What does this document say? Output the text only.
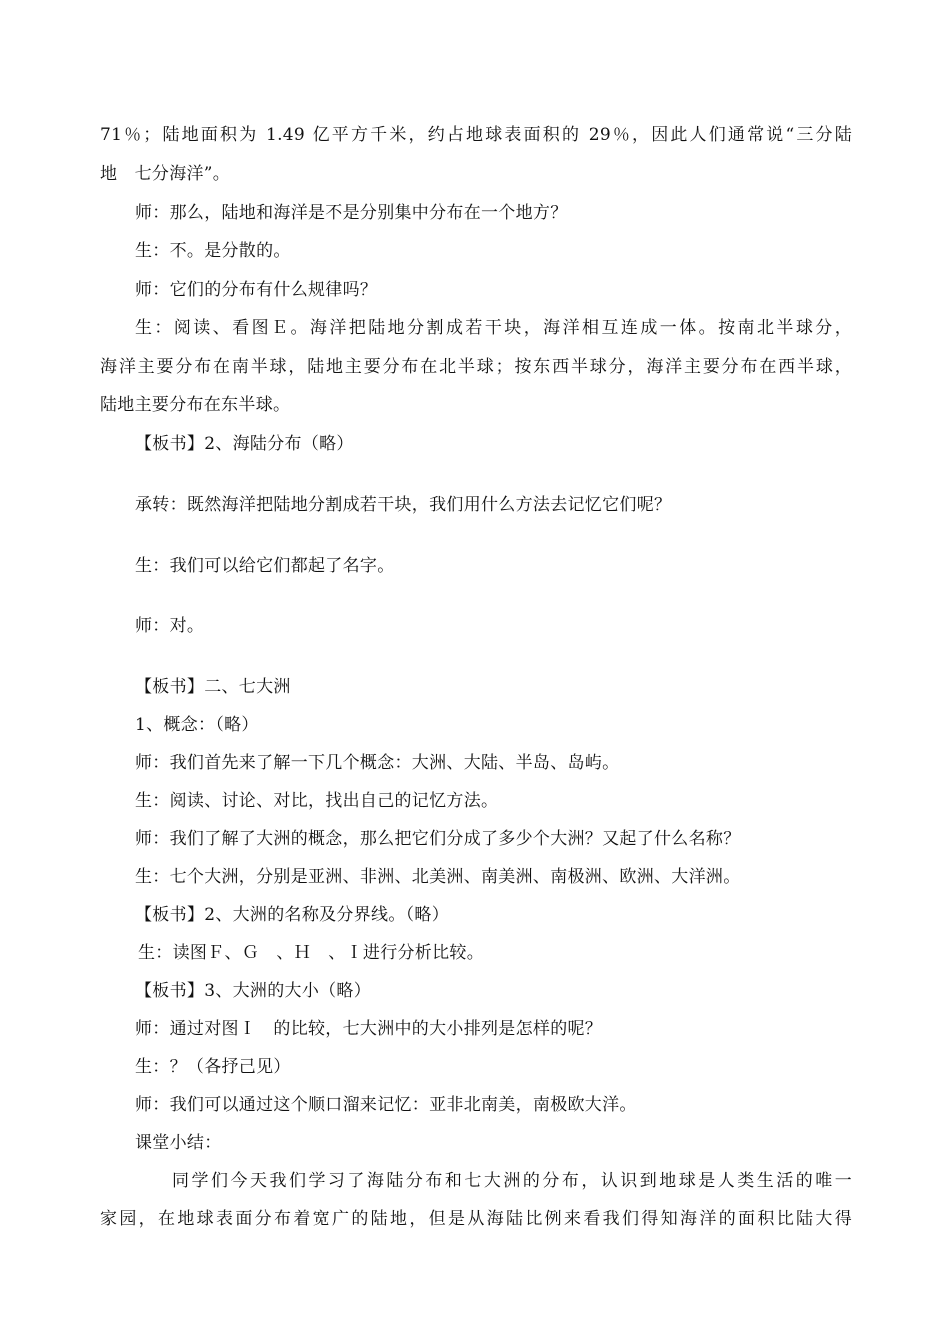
71％；陆地面积为 1.49 亿平方千米，约占地球表面积的 29％，因此人们通常说“三分陆
地　七分海洋”。
师：那么，陆地和海洋是不是分别集中分布在一个地方？
生：不。是分散的。
师：它们的分布有什么规律吗？
生：阅读、看图Ｅ。海洋把陆地分割成若干块，海洋相互连成一体。按南北半球分，
海洋主要分布在南半球，陆地主要分布在北半球；按东西半球分，海洋主要分布在西半球，
陆地主要分布在东半球。
【板书】2、海陆分布（略）
承转：既然海洋把陆地分割成若干块，我们用什么方法去记忆它们呢？
生：我们可以给它们都起了名字。
师：对。
【板书】二、七大洲
1、概念：（略）
师：我们首先来了解一下几个概念：大洲、大陆、半岛、岛屿。
生：阅读、讨论、对比，找出自己的记忆方法。
师：我们了解了大洲的概念，那么把它们分成了多少个大洲？又起了什么名称？
生：七个大洲，分别是亚洲、非洲、北美洲、南美洲、南极洲、欧洲、大洋洲。
【板书】2、大洲的名称及分界线。（略）
生：读图Ｆ、Ｇ　、Ｈ　、Ｉ进行分析比较。
【板书】3、大洲的大小（略）
师：通过对图Ｉ　的比较，七大洲中的大小排列是怎样的呢？
生：？（各抒己见）
师：我们可以通过这个顺口溜来记忆：亚非北南美，南极欧大洋。
课堂小结：
同学们今天我们学习了海陆分布和七大洲的分布，认识到地球是人类生活的唯一
家园，在地球表面分布着宽广的陆地，但是从海陆比例来看我们得知海洋的面积比陆大得
